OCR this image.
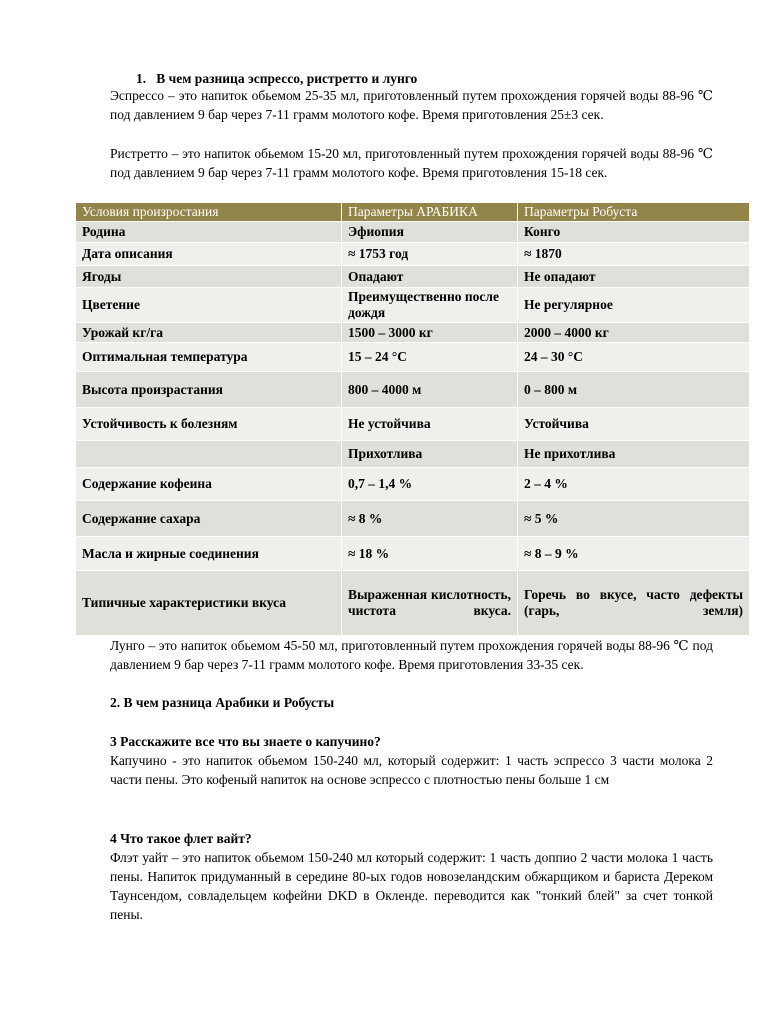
1. В чем разница эспрессо, ристретто и лунго

Эспрессо – это напиток обьемом 25-35 мл, приготовленный путем прохождения горячей воды 88-96 ℃ под давлением 9 бар через 7-11 грамм молотого кофе. Время приготовления 25±3 сек.

Ристретто – это напиток обьемом 15-20 мл, приготовленный путем прохождения горячей воды 88-96 ℃ под давлением 9 бар через 7-11 грамм молотого кофе. Время приготовления 15-18 сек.

Условия произростания	Параметры АРАБИКА	Параметры Робуста
Родина	Эфиопия	Конго
Дата описания	≈ 1753 год	≈ 1870
Ягоды	Опадают	Не опадают
Цветение	Преимущественно после дождя	Не регулярное
Урожай кг/га	1500 – 3000 кг	2000 – 4000 кг
Оптимальная температура	15 – 24 °С	24 – 30 °С
Высота произрастания	800 – 4000 м	0 – 800 м
Устойчивость к болезням	Не устойчива	Устойчива
	Прихотлива	Не прихотлива
Содержание кофеина	0,7 – 1,4 %	2 – 4 %
Содержание сахара	≈ 8 %	≈ 5 %
Масла и жирные соединения	≈ 18 %	≈ 8 – 9 %
Типичные характеристики вкуса	Выраженная кислотность, чистота вкуса.	Горечь во вкусе, часто дефекты (гарь, земля)

Лунго – это напиток обьемом 45-50 мл, приготовленный путем прохождения горячей воды 88-96 ℃ под давлением 9 бар через 7-11 грамм молотого кофе. Время приготовления 33-35 сек.

2. В чем разница Арабики и Робусты

3 Расскажите все что вы знаете о капучино?

Капучино - это напиток обьемом 150-240 мл, который содержит: 1 часть эспрессо 3 части молока 2 части пены. Это кофеный напиток на основе эспрессо с плотностью пены больше 1 см

4 Что такое флет вайт?

Флэт уайт – это напиток обьемом 150-240 мл который содержит: 1 часть доппио 2 части молока 1 часть пены. Напиток придуманный в середине 80-ых годов новозеландским обжарщиком и бариста Дереком Таунсендом, совладельцем кофейни DKD в Окленде. переводится как "тонкий блей" за счет тонкой пены.
